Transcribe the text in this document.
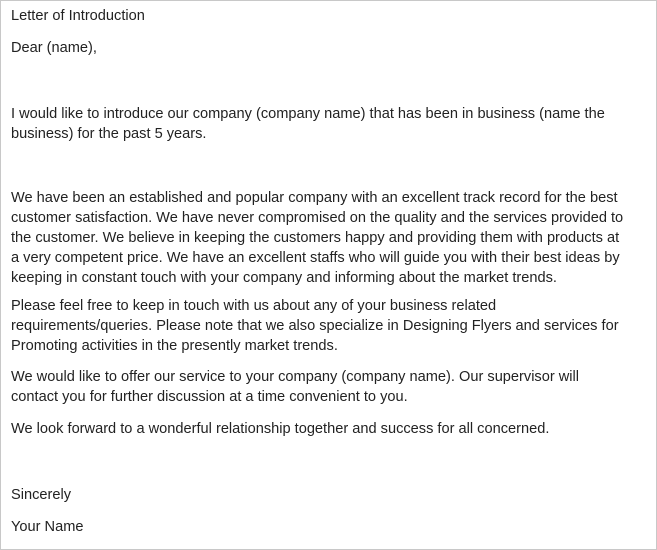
Letter of Introduction

Dear (name),

I would like to introduce our company (company name) that has been in business (name the
business) for the past 5 years.

We have been an established and popular company with an excellent track record for the best
customer satisfaction. We have never compromised on the quality and the services provided to
the customer. We believe in keeping the customers happy and providing them with products at
a very competent price. We have an excellent staffs who will guide you with their best ideas by
keeping in constant touch with your company and informing about the market trends.

Please feel free to keep in touch with us about any of your business related
requirements/queries. Please note that we also specialize in Designing Flyers and services for
Promoting activities in the presently market trends.

We would like to offer our service to your company (company name). Our supervisor will
contact you for further discussion at a time convenient to you.

We look forward to a wonderful relationship together and success for all concerned.

Sincerely

Your Name
